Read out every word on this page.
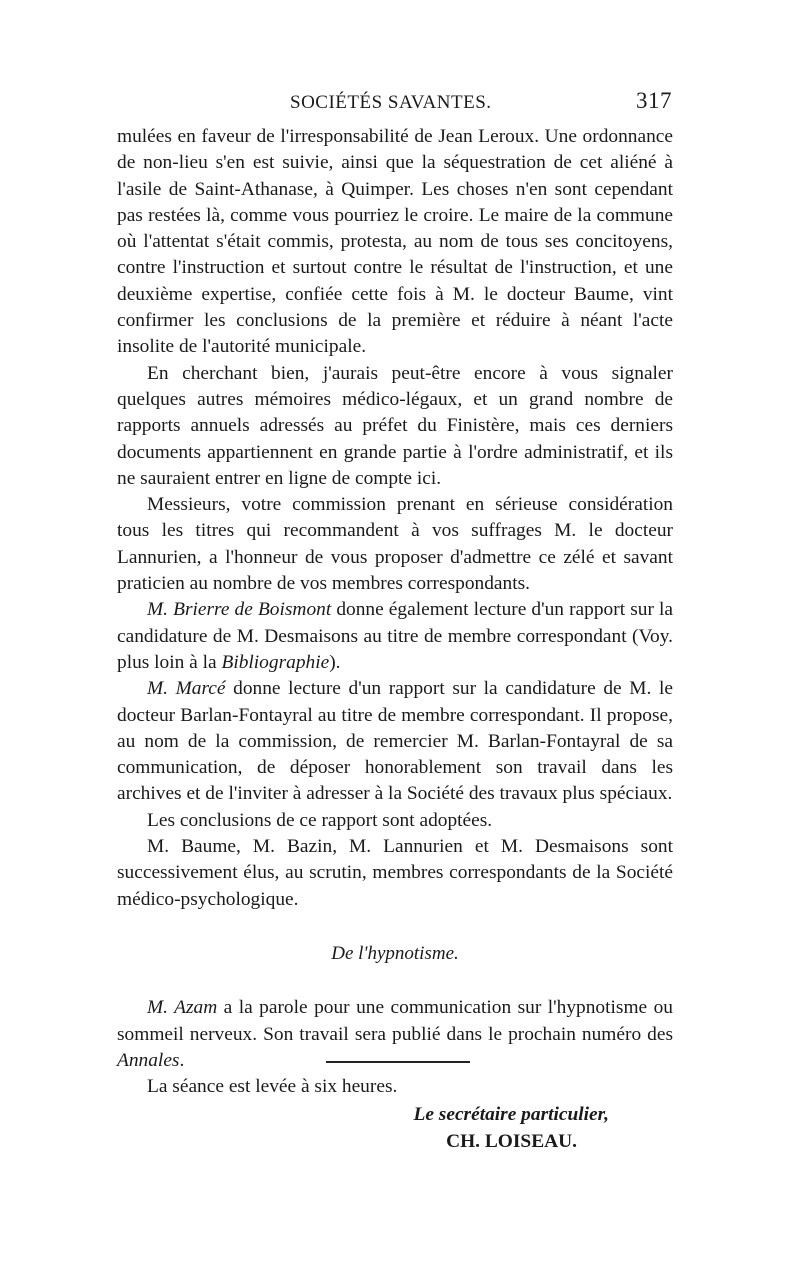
SOCIÉTÉS SAVANTES.	317

mulées en faveur de l'irresponsabilité de Jean Leroux. Une ordonnance de non-lieu s'en est suivie, ainsi que la séquestration de cet aliéné à l'asile de Saint-Athanase, à Quimper. Les choses n'en sont cependant pas restées là, comme vous pourriez le croire. Le maire de la commune où l'attentat s'était commis, protesta, au nom de tous ses concitoyens, contre l'instruction et surtout contre le résultat de l'instruction, et une deuxième expertise, confiée cette fois à M. le docteur Baume, vint confirmer les conclusions de la première et réduire à néant l'acte insolite de l'autorité municipale.

En cherchant bien, j'aurais peut-être encore à vous signaler quelques autres mémoires médico-légaux, et un grand nombre de rapports annuels adressés au préfet du Finistère, mais ces derniers documents appartiennent en grande partie à l'ordre administratif, et ils ne sauraient entrer en ligne de compte ici.

Messieurs, votre commission prenant en sérieuse considération tous les titres qui recommandent à vos suffrages M. le docteur Lannurien, a l'honneur de vous proposer d'admettre ce zélé et savant praticien au nombre de vos membres correspondants.

M. Brierre de Boismont donne également lecture d'un rapport sur la candidature de M. Desmaisons au titre de membre correspondant (Voy. plus loin à la Bibliographie).

M. Marcé donne lecture d'un rapport sur la candidature de M. le docteur Barlan-Fontayral au titre de membre correspondant. Il propose, au nom de la commission, de remercier M. Barlan-Fontayral de sa communication, de déposer honorablement son travail dans les archives et de l'inviter à adresser à la Société des travaux plus spéciaux.

Les conclusions de ce rapport sont adoptées.

M. Baume, M. Bazin, M. Lannurien et M. Desmaisons sont successivement élus, au scrutin, membres correspondants de la Société médico-psychologique.

De l'hypnotisme.

M. Azam a la parole pour une communication sur l'hypnotisme ou sommeil nerveux. Son travail sera publié dans le prochain numéro des Annales.

La séance est levée à six heures.

Le secrétaire particulier,
CH. LOISEAU.
